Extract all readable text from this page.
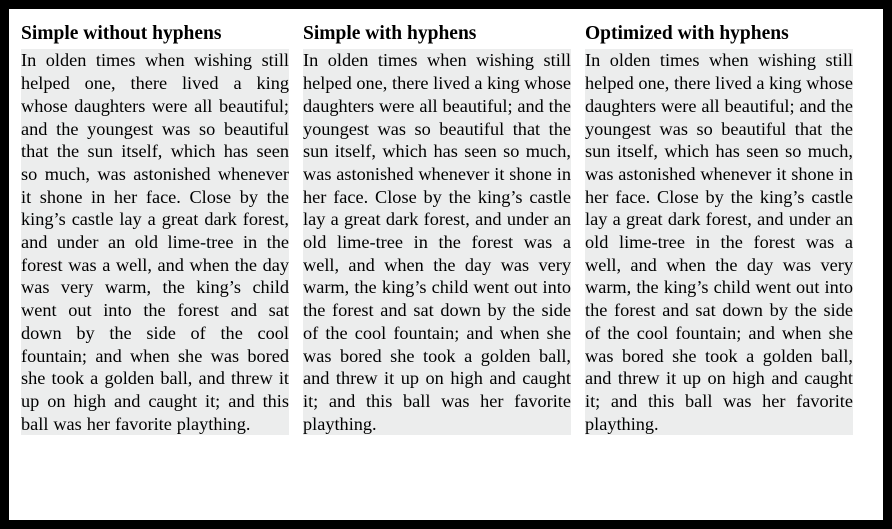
Simple without hyphens
In olden times when wishing still helped one, there lived a king whose daughters were all beautiful; and the youngest was so beautiful that the sun itself, which has seen so much, was astonished whenever it shone in her face. Close by the king’s castle lay a great dark forest, and under an old lime-tree in the forest was a well, and when the day was very warm, the king’s child went out into the forest and sat down by the side of the cool fountain; and when she was bored she took a golden ball, and threw it up on high and caught it; and this ball was her favorite plaything.
Simple with hyphens
In olden times when wishing still helped one, there lived a king whose daughters were all beautiful; and the youngest was so beautiful that the sun itself, which has seen so much, was astonished whenever it shone in her face. Close by the king’s castle lay a great dark forest, and under an old lime-tree in the forest was a well, and when the day was very warm, the king’s child went out into the forest and sat down by the side of the cool fountain; and when she was bored she took a golden ball, and threw it up on high and caught it; and this ball was her favorite plaything.
Optimized with hyphens
In olden times when wishing still helped one, there lived a king whose daughters were all beautiful; and the youngest was so beautiful that the sun itself, which has seen so much, was astonished whenever it shone in her face. Close by the king’s castle lay a great dark forest, and under an old lime-tree in the forest was a well, and when the day was very warm, the king’s child went out into the forest and sat down by the side of the cool fountain; and when she was bored she took a golden ball, and threw it up on high and caught it; and this ball was her favorite plaything.
